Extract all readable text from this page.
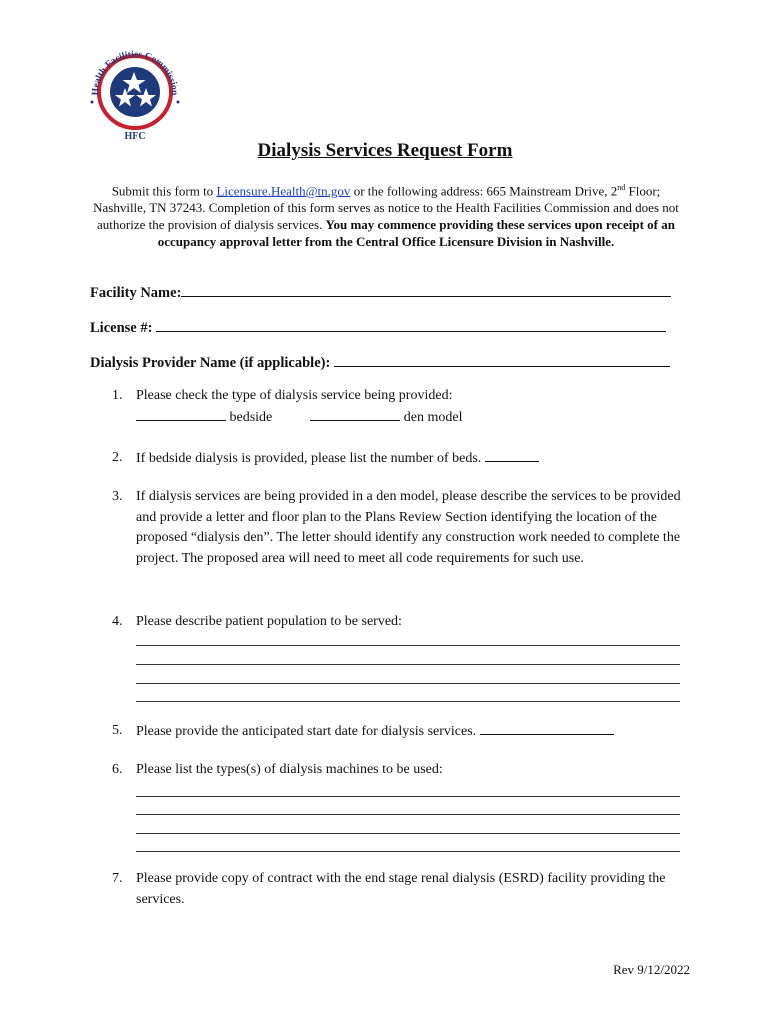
Health Facilities Commission
HFC
Dialysis Services Request Form
Submit this form to Licensure.Health@tn.gov or the following address: 665 Mainstream Drive, 2nd Floor; Nashville, TN 37243. Completion of this form serves as notice to the Health Facilities Commission and does not authorize the provision of dialysis services. You may commence providing these services upon receipt of an occupancy approval letter from the Central Office Licensure Division in Nashville.
Facility Name:
License #:
Dialysis Provider Name (if applicable):
1. Please check the type of dialysis service being provided:
bedside	den model
2. If bedside dialysis is provided, please list the number of beds.
3. If dialysis services are being provided in a den model, please describe the services to be provided and provide a letter and floor plan to the Plans Review Section identifying the location of the proposed “dialysis den”. The letter should identify any construction work needed to complete the project. The proposed area will need to meet all code requirements for such use.
4. Please describe patient population to be served:
5. Please provide the anticipated start date for dialysis services.
6. Please list the types(s) of dialysis machines to be used:
7. Please provide copy of contract with the end stage renal dialysis (ESRD) facility providing the services.
Rev 9/12/2022
